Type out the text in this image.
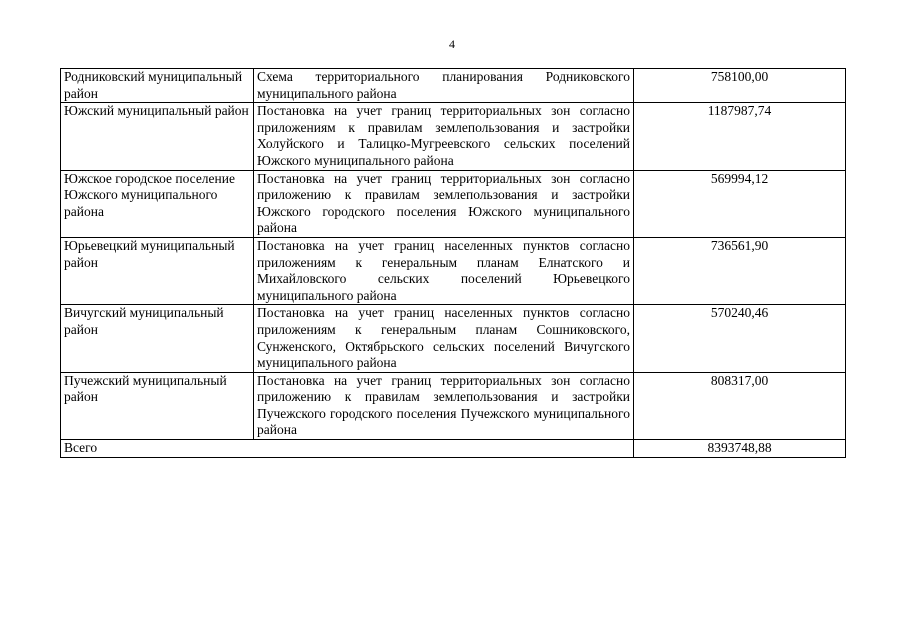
4
Родниковский муниципальный район	Схема территориального планирования Родниковского муниципального района	758100,00
Южский муниципальный район	Постановка на учет границ территориальных зон согласно приложениям к правилам землепользования и застройки Холуйского и Талицко-Мугреевского сельских поселений Южского муниципального района	1187987,74
Южское городское поселение Южского муниципального района	Постановка на учет границ территориальных зон согласно приложению к правилам землепользования и застройки Южского городского поселения Южского муниципального района	569994,12
Юрьевецкий муниципальный район	Постановка на учет границ населенных пунктов согласно приложениям к генеральным планам Елнатского и Михайловского сельских поселений Юрьевецкого муниципального района	736561,90
Вичугский муниципальный район	Постановка на учет границ населенных пунктов согласно приложениям к генеральным планам Сошниковского, Сунженского, Октябрьского сельских поселений Вичугского муниципального района	570240,46
Пучежский муниципальный район	Постановка на учет границ территориальных зон согласно приложению к правилам землепользования и застройки Пучежского городского поселения Пучежского муниципального района	808317,00
Всего		8393748,88
